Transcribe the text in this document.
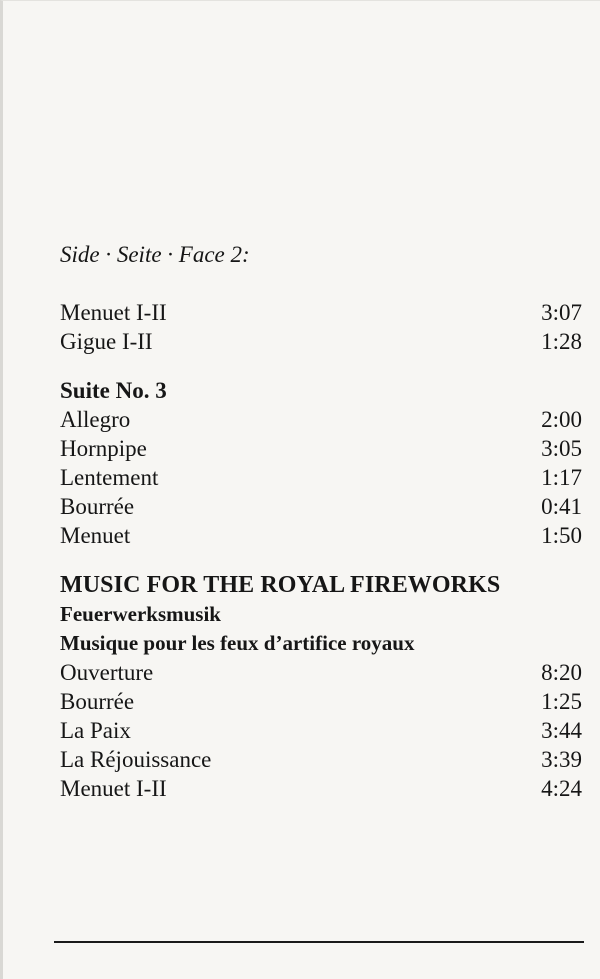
Side · Seite · Face 2:
Menuet I-II	3:07
Gigue I-II	1:28
Suite No. 3
Allegro	2:00
Hornpipe	3:05
Lentement	1:17
Bourrée	0:41
Menuet	1:50
MUSIC FOR THE ROYAL FIREWORKS
Feuerwerksmusik
Musique pour les feux d’artifice royaux
Ouverture	8:20
Bourrée	1:25
La Paix	3:44
La Réjouissance	3:39
Menuet I-II	4:24
